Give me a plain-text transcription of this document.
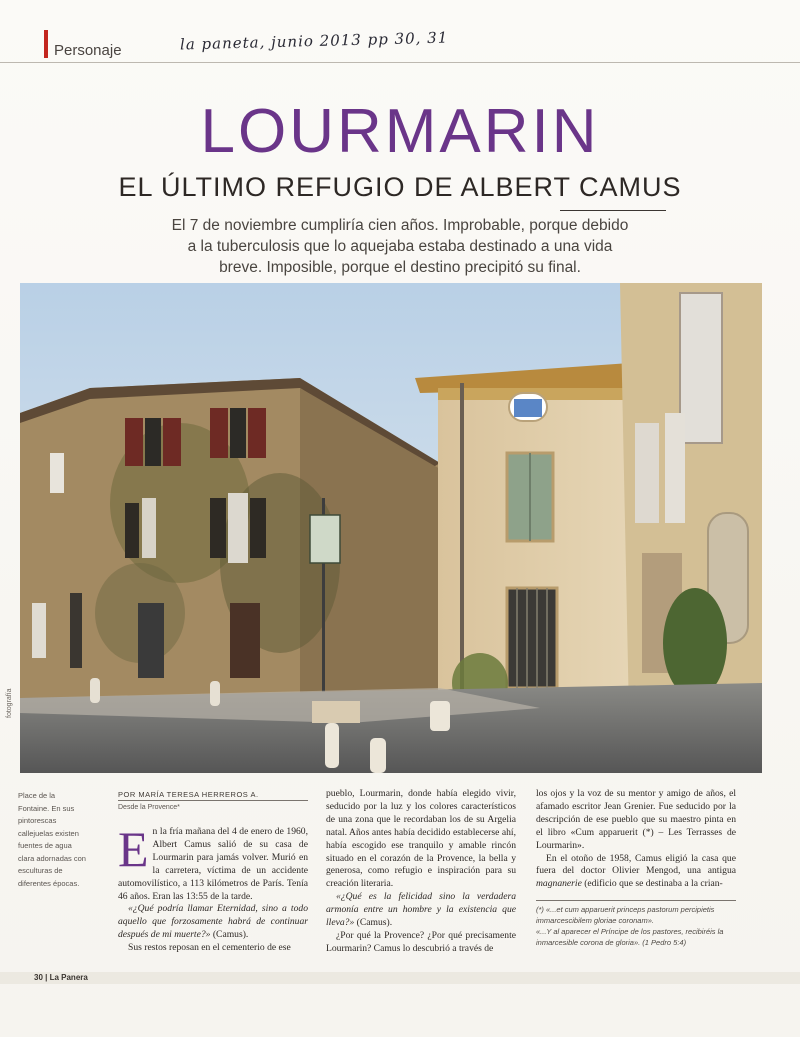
Personaje	la paneta, junio 2013 pp 30, 31
LOURMARIN
EL ÚLTIMO REFUGIO DE ALBERT CAMUS
El 7 de noviembre cumpliría cien años. Improbable, porque debido a la tuberculosis que lo aquejaba estaba destinado a una vida breve. Imposible, porque el destino precipitó su final.
fotografía
Place de la Fontaine. En sus pintorescas callejuelas existen fuentes de agua clara adornadas con esculturas de diferentes épocas.
POR MARÍA TERESA HERREROS A.
Desde la Provence*

En la fría mañana del 4 de enero de 1960, Albert Camus salió de su casa de Lourmarin para jamás volver. Murió en la carretera, víctima de un accidente automovilístico, a 113 kilómetros de París. Tenía 46 años. Eran las 13:55 de la tarde.

«¿Qué podría llamar Eternidad, sino a todo aquello que forzosamente habrá de continuar después de mi muerte?» (Camus).

Sus restos reposan en el cementerio de ese

pueblo, Lourmarin, donde había elegido vivir, seducido por la luz y los colores característicos de una zona que le recordaban los de su Argelia natal. Años antes había decidido establecerse ahí, había escogido ese tranquilo y amable rincón situado en el corazón de la Provence, la bella y generosa, como refugio e inspiración para su creación literaria.

«¿Qué es la felicidad sino la verdadera armonía entre un hombre y la existencia que lleva?» (Camus).

¿Por qué la Provence? ¿Por qué precisamente Lourmarin? Camus lo descubrió a través de

los ojos y la voz de su mentor y amigo de años, el afamado escritor Jean Grenier. Fue seducido por la descripción de ese pueblo que su maestro pinta en el libro «Cum apparuerit (*) – Les Terrasses de Lourmarin».

En el otoño de 1958, Camus eligió la casa que fuera del doctor Olivier Mengod, una antigua magnanerie (edificio que se destinaba a la crian-

(*) «...et cum apparuerit princeps pastorum percipietis immarcescibilem gloriae coronam».
«...Y al aparecer el Príncipe de los pastores, recibiréis la inmarcesible corona de gloria». (1 Pedro 5:4)
30 | La Panera
